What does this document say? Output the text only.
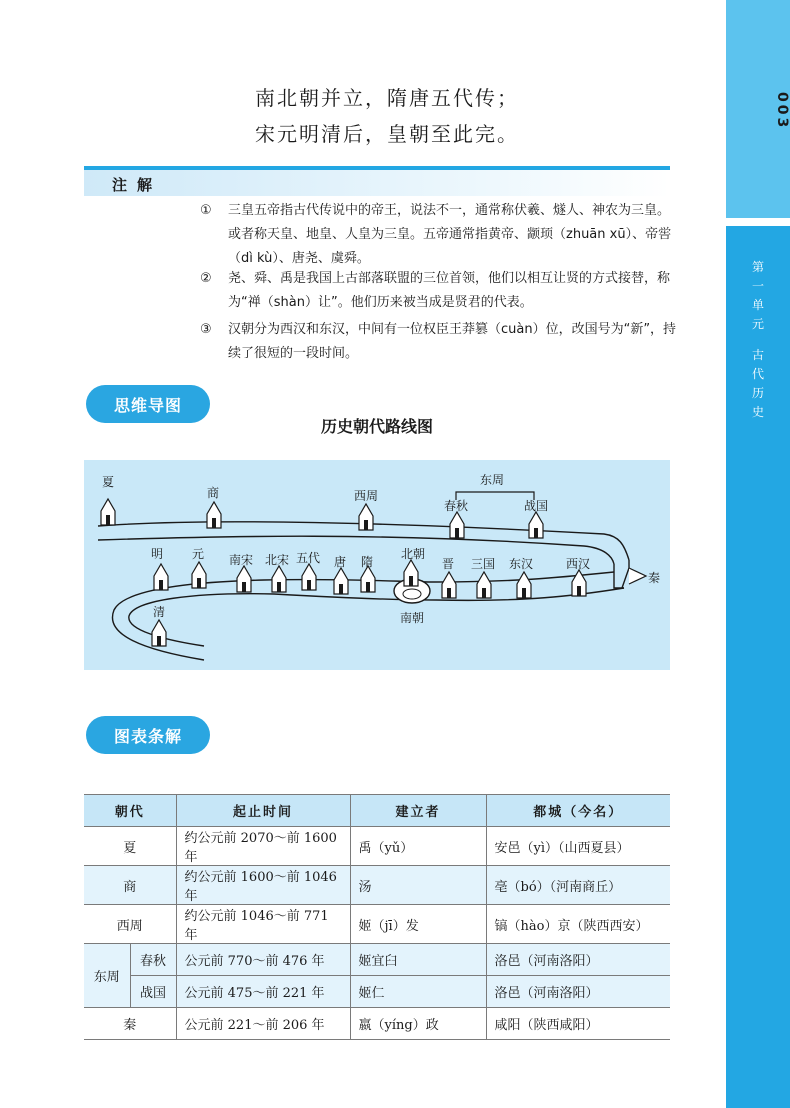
003
第
一
单
元
古
代
历
史
南北朝并立，隋唐五代传；
宋元明清后，皇朝至此完。
注解
① 三皇五帝指古代传说中的帝王，说法不一，通常称伏羲、燧人、神农为三皇。或者称天皇、地皇、人皇为三皇。五帝通常指黄帝、颛顼（zhuān xū）、帝喾（dì kù）、唐尧、虞舜。
② 尧、舜、禹是我国上古部落联盟的三位首领，他们以相互让贤的方式接替，称为“禅（shàn）让”。他们历来被当成是贤君的代表。
③ 汉朝分为西汉和东汉，中间有一位权臣王莽篡（cuàn）位，改国号为“新”，持续了很短的一段时间。
思维导图
历史朝代路线图
夏
商	西周
东周
春秋	战国
明 元 南宋 北宋 五代 唐 隋
北朝
南朝
晋 三国 东汉	西汉
秦
清
图表条解
朝代		起止时间	建立者	都城（今名）
夏		约公元前 2070～前 1600 年	禹（yǔ）	安邑（yì）（山西夏县）
商		约公元前 1600～前 1046 年	汤	亳（bó）（河南商丘）
西周		约公元前 1046～前 771 年	姬（jī）发	镐（hào）京（陕西西安）
东周	春秋	公元前 770～前 476 年	姬宜臼	洛邑（河南洛阳）
	战国	公元前 475～前 221 年	姬仁	洛邑（河南洛阳）
秦		公元前 221～前 206 年	嬴（yíng）政	咸阳（陕西咸阳）
